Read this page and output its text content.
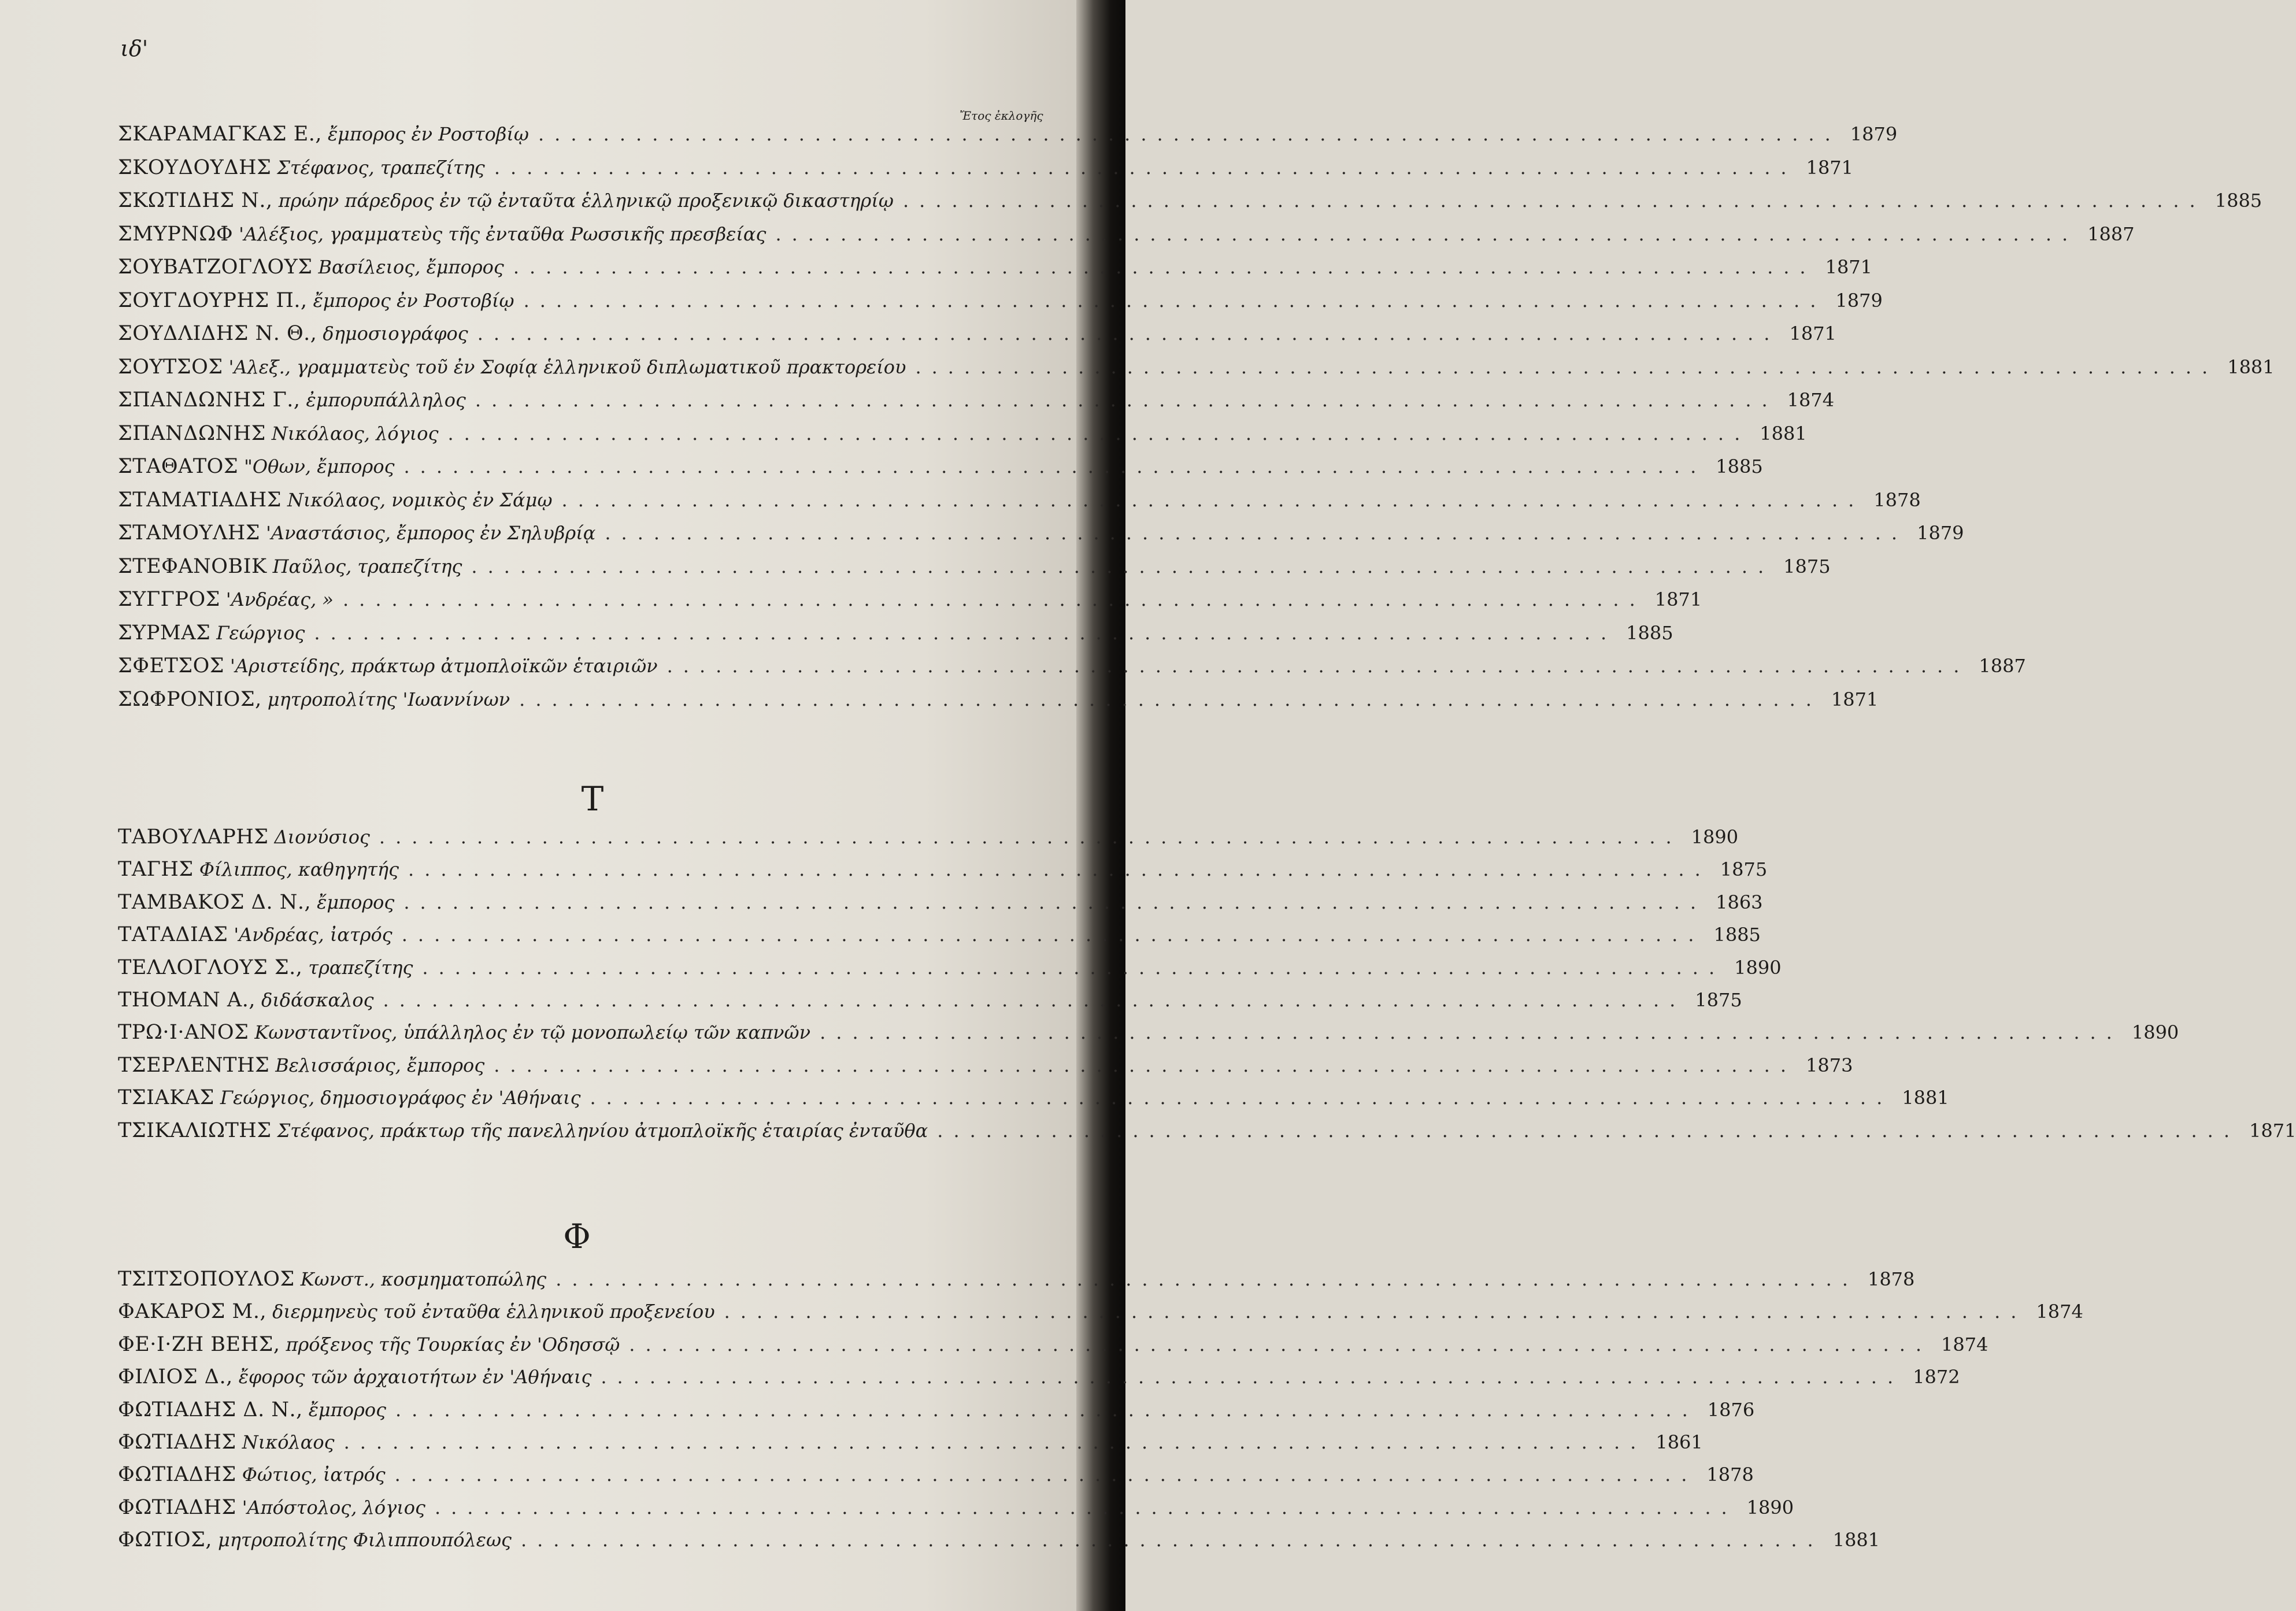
ιδ'
Ἔτος ἐκλογῆς
ΣΚΑΡΑΜΑΓΚΑΣ Ε., ἔμπορος ἐν Ροστοβίῳ ................................................................................ 1879
ΣΚΟΥΔΟΥΔΗΣ Στέφανος, τραπεζίτης ................................................................................ 1871
ΣΚΩΤΙΔΗΣ Ν., πρώην πάρεδρος ἐν τῷ ἐνταῦτα ἑλληνικῷ προξενικῷ δικαστηρίῳ ................................................................................ 1885
ΣΜΥΡΝΩΦ 'Αλέξιος, γραμματεὺς τῆς ἐνταῦθα Ρωσσικῆς πρεσβείας ................................................................................ 1887
ΣΟΥΒΑΤΖΟΓΛΟΥΣ Βασίλειος, ἔμπορος ................................................................................ 1871
ΣΟΥΓΔΟΥΡΗΣ Π., ἔμπορος ἐν Ροστοβίῳ ................................................................................ 1879
ΣΟΥΔΛΙΔΗΣ Ν. Θ., δημοσιογράφος ................................................................................ 1871
ΣΟΥΤΣΟΣ 'Αλεξ., γραμματεὺς τοῦ ἐν Σοφίᾳ ἑλληνικοῦ διπλωματικοῦ πρακτορείου ................................................................................ 1881
ΣΠΑΝΔΩΝΗΣ Γ., ἐμπορυπάλληλος ................................................................................ 1874
ΣΠΑΝΔΩΝΗΣ Νικόλαος, λόγιος ................................................................................ 1881
ΣΤΑΘΑΤΟΣ "Οθων, ἔμπορος ................................................................................ 1885
ΣΤΑΜΑΤΙΑΔΗΣ Νικόλαος, νομικὸς ἐν Σάμῳ ................................................................................ 1878
ΣΤΑΜΟΥΛΗΣ 'Αναστάσιος, ἔμπορος ἐν Σηλυβρίᾳ ................................................................................ 1879
ΣΤΕΦΑΝΟΒΙΚ Παῦλος, τραπεζίτης ................................................................................ 1875
ΣΥΓΓΡΟΣ 'Ανδρέας, » ................................................................................ 1871
ΣΥΡΜΑΣ Γεώργιος ................................................................................ 1885
ΣΦΕΤΣΟΣ 'Αριστείδης, πράκτωρ ἀτμοπλοϊκῶν ἑταιριῶν ................................................................................ 1887
ΣΩΦΡΟΝΙΟΣ, μητροπολίτης 'Ιωαννίνων ................................................................................ 1871
ΤΑΒΟΥΛΑΡΗΣ Διονύσιος ................................................................................ 1890
ΤΑΓΗΣ Φίλιππος, καθηγητής ................................................................................ 1875
ΤΑΜΒΑΚΟΣ Δ. Ν., ἔμπορος ................................................................................ 1863
ΤΑΤΑΔΙΑΣ 'Ανδρέας, ἰατρός ................................................................................ 1885
ΤΕΛΛΟΓΛΟΥΣ Σ., τραπεζίτης ................................................................................ 1890
ΤΗΟΜΑΝ Α., διδάσκαλος ................................................................................ 1875
ΤΡΩ·Ι·ΑΝΟΣ Κωνσταντῖνος, ὑπάλληλος ἐν τῷ μονοπωλείῳ τῶν καπνῶν ................................................................................ 1890
ΤΣΕΡΛΕΝΤΗΣ Βελισσάριος, ἔμπορος ................................................................................ 1873
ΤΣΙΑΚΑΣ Γεώργιος, δημοσιογράφος ἐν 'Αθήναις ................................................................................ 1881
ΤΣΙΚΑΛΙΩΤΗΣ Στέφανος, πράκτωρ τῆς πανελληνίου ἀτμοπλοϊκῆς ἑταιρίας ἐνταῦθα ................................................................................ 1871
ΤΣΙΤΣΟΠΟΥΛΟΣ Κωνστ., κοσμηματοπώλης ................................................................................ 1878
ΦΑΚΑΡΟΣ Μ., διερμηνεὺς τοῦ ἐνταῦθα ἑλληνικοῦ προξενείου ................................................................................ 1874
ΦΕ·Ι·ΖΗ ΒΕΗΣ, πρόξενος τῆς Τουρκίας ἐν 'Οδησσῷ ................................................................................ 1874
ΦΙΛΙΟΣ Δ., ἔφορος τῶν ἀρχαιοτήτων ἐν 'Αθήναις ................................................................................ 1872
ΦΩΤΙΑΔΗΣ Δ. Ν., ἔμπορος ................................................................................ 1876
ΦΩΤΙΑΔΗΣ Νικόλαος ................................................................................ 1861
ΦΩΤΙΑΔΗΣ Φώτιος, ἰατρός ................................................................................ 1878
ΦΩΤΙΑΔΗΣ 'Απόστολος, λόγιος ................................................................................ 1890
ΦΩΤΙΟΣ, μητροπολίτης Φιλιππουπόλεως ................................................................................ 1881
Τ
Φ
